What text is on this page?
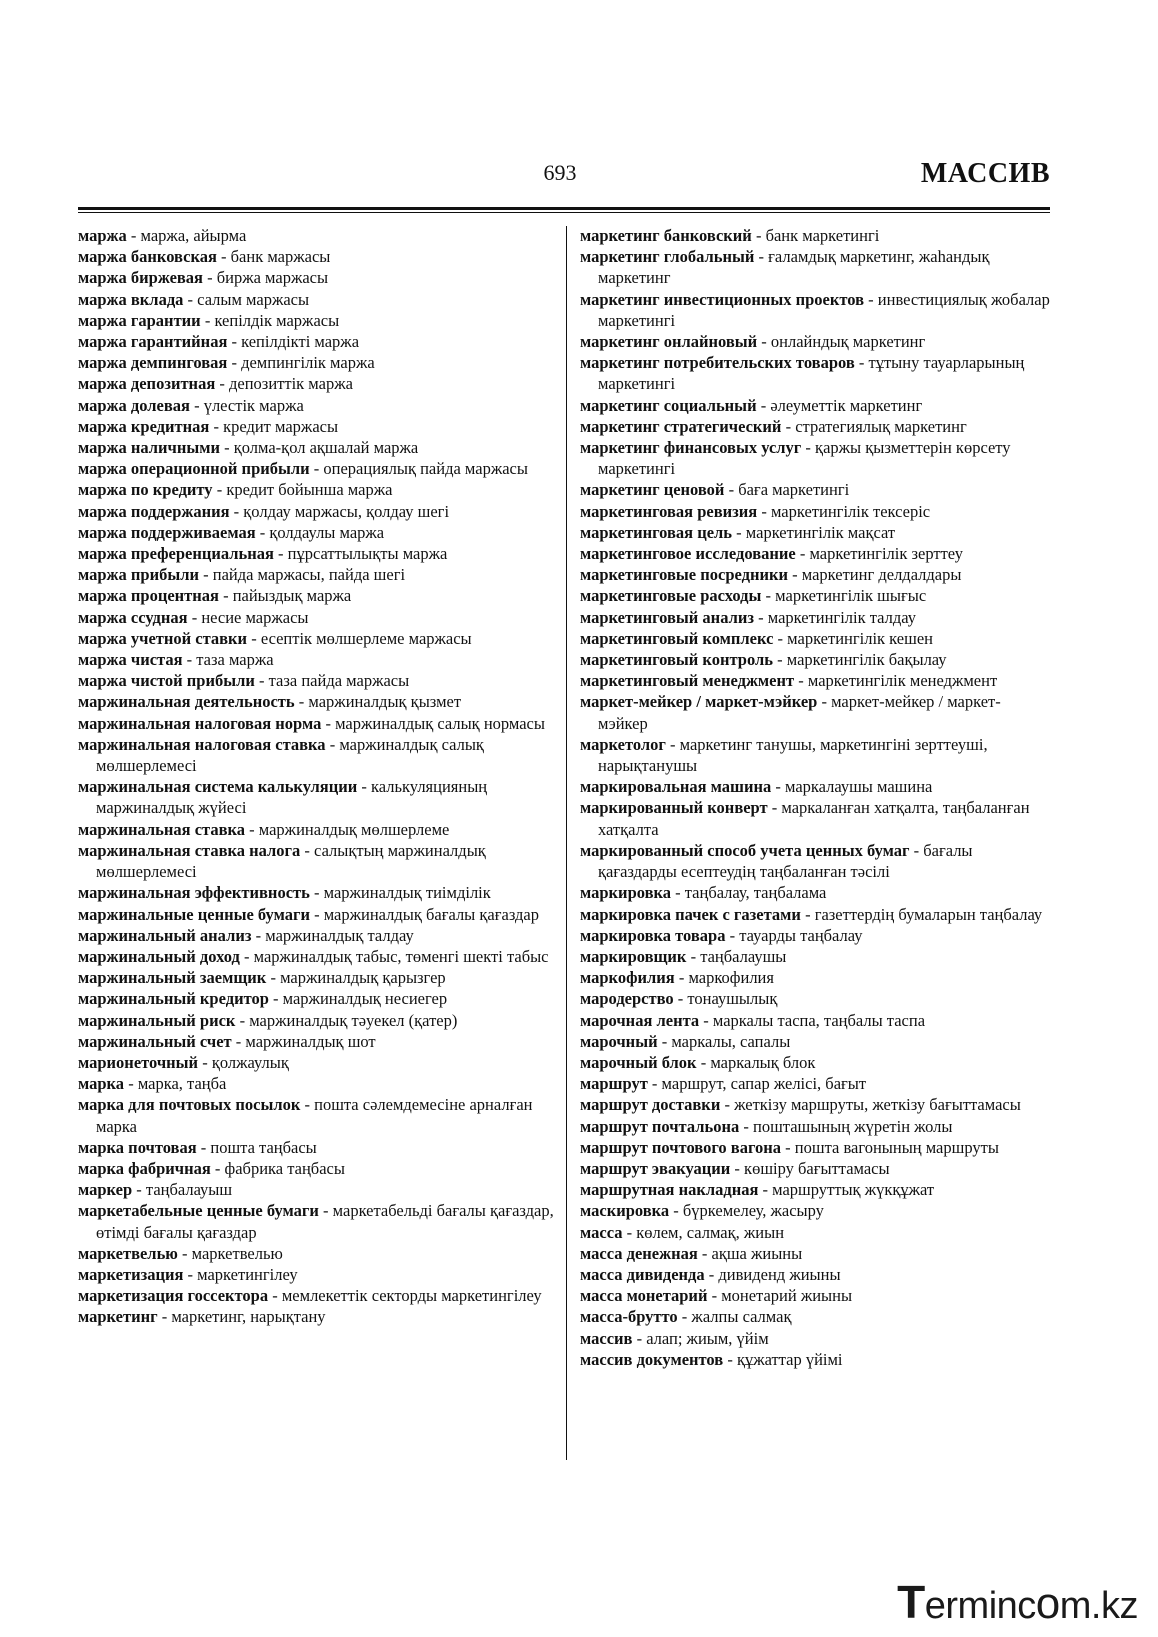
693	МАССИВ

маржа - маржа, айырма

маржа банковская - банк маржасы

маржа биржевая - биржа маржасы

маржа вклада - салым маржасы

маржа гарантии - кепілдік маржасы

маржа гарантийная - кепілдікті маржа

маржа демпинговая - демпингілік маржа

маржа депозитная - депозиттік маржа

маржа долевая - үлестік маржа

маржа кредитная - кредит маржасы

маржа наличными - қолма-қол ақшалай маржа

маржа операционной прибыли - операциялық пайда маржасы

маржа по кредиту - кредит бойынша маржа

маржа поддержания - қолдау маржасы, қолдау шегі

маржа поддерживаемая - қолдаулы маржа

маржа преференциальная - пұрсаттылықты маржа

маржа прибыли - пайда маржасы, пайда шегі

маржа процентная - пайыздық маржа

маржа ссудная - несие маржасы

маржа учетной ставки - есептік мөлшерлеме маржасы

маржа чистая - таза маржа

маржа чистой прибыли - таза пайда маржасы

маржинальная деятельность - маржиналдық қызмет

маржинальная налоговая норма - маржиналдық салық нормасы

маржинальная налоговая ставка - маржиналдық салық мөлшерлемесі

маржинальная система калькуляции - калькуляцияның маржиналдық жүйесі

маржинальная ставка - маржиналдық мөлшерлеме

маржинальная ставка налога - салықтың маржиналдық мөлшерлемесі

маржинальная эффективность - маржиналдық тиімділік

маржинальные ценные бумаги - маржиналдық бағалы қағаздар

маржинальный анализ - маржиналдық талдау

маржинальный доход - маржиналдық табыс, төменгі шекті табыс

маржинальный заемщик - маржиналдық қарызгер

маржинальный кредитор - маржиналдық несиегер

маржинальный риск - маржиналдық тәуекел (қатер)

маржинальный счет - маржиналдық шот

марионеточный - қолжаулық

марка - марка, таңба

марка для почтовых посылок - пошта сәлемдемесіне арналған марка

марка почтовая - пошта таңбасы

марка фабричная - фабрика таңбасы

маркер - таңбалауыш

маркетабельные ценные бумаги - маркетабельді бағалы қағаздар, өтімді бағалы қағаздар

маркетвелью - маркетвелью

маркетизация - маркетингілеу

маркетизация госсектора - мемлекеттік секторды маркетингілеу

маркетинг - маркетинг, нарықтану

маркетинг банковский - банк маркетингі

маркетинг глобальный - ғаламдық маркетинг, жаһандық маркетинг

маркетинг инвестиционных проектов - инвестициялық жобалар маркетингі

маркетинг онлайновый - онлайндық маркетинг

маркетинг потребительских товаров - тұтыну тауарларының маркетингі

маркетинг социальный - әлеуметтік маркетинг

маркетинг стратегический - стратегиялық маркетинг

маркетинг финансовых услуг - қаржы қызметтерін көрсету маркетингі

маркетинг ценовой - баға маркетингі

маркетинговая ревизия - маркетингілік тексеріс

маркетинговая цель - маркетингілік мақсат

маркетинговое исследование - маркетингілік зерттеу

маркетинговые посредники - маркетинг делдалдары

маркетинговые расходы - маркетингілік шығыс

маркетинговый анализ - маркетингілік талдау

маркетинговый комплекс - маркетингілік кешен

маркетинговый контроль - маркетингілік бақылау

маркетинговый менеджмент - маркетингілік менеджмент

маркет-мейкер / маркет-мэйкер - маркет-мейкер / маркет-мэйкер

маркетолог - маркетинг танушы, маркетингіні зерттеуші, нарықтанушы

маркировальная машина - маркалаушы машина

маркированный конверт - маркаланған хатқалта, таңбаланған хатқалта

маркированный способ учета ценных бумаг - бағалы қағаздарды есептеудің таңбаланған тәсілі

маркировка - таңбалау, таңбалама

маркировка пачек с газетами - газеттердің бумаларын таңбалау

маркировка товара - тауарды таңбалау

маркировщик - таңбалаушы

маркофилия - маркофилия

мародерство - тонаушылық

марочная лента - маркалы таспа, таңбалы таспа

марочный - маркалы, сапалы

марочный блок - маркалық блок

маршрут - маршрут, сапар желісі, бағыт

маршрут доставки - жеткізу маршруты, жеткізу бағыттамасы

маршрут почтальона - пошташының жүретін жолы

маршрут почтового вагона - пошта вагонының маршруты

маршрут эвакуации - көшіру бағыттамасы

маршрутная накладная - маршруттық жүкқұжат

маскировка - бүркемелеу, жасыру

масса - көлем, салмақ, жиын

масса денежная - ақша жиыны

масса дивиденда - дивиденд жиыны

масса монетарий - монетарий жиыны

масса-брутто - жалпы салмақ

массив - алап; жиым, үйім

массив документов - құжаттар үйімі

Termincom.kz
